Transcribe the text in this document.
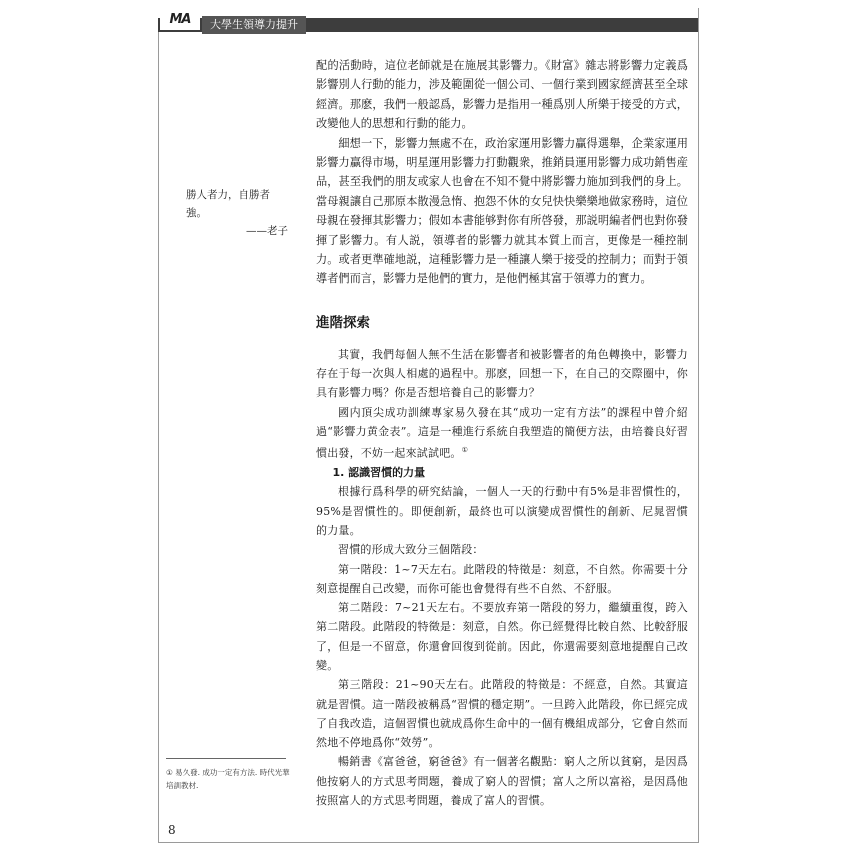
MA	大學生領導力提升
勝人者力，自勝者強。
——老子
① 易久發. 成功一定有方法. 時代光華培訓教材.
8

配的活動時，這位老師就是在施展其影響力。《財富》雜志將影響力定義爲影響別人行動的能力，涉及範圍從一個公司、一個行業到國家經濟甚至全球經濟。那麽，我們一般認爲，影響力是指用一種爲別人所樂于接受的方式，改變他人的思想和行動的能力。

細想一下，影響力無處不在，政治家運用影響力贏得選舉，企業家運用影響力贏得市場，明星運用影響力打動觀衆，推銷員運用影響力成功銷售産品，甚至我們的朋友或家人也會在不知不覺中將影響力施加到我們的身上。當母親讓自己那原本散漫急惰、抱怨不休的女兒快快樂樂地做家務時，這位母親在發揮其影響力；假如本書能够對你有所啓發，那説明編者們也對你發揮了影響力。有人説，領導者的影響力就其本質上而言，更像是一種控制力。或者更準確地説，這種影響力是一種讓人樂于接受的控制力；而對于領導者們而言，影響力是他們的實力，是他們極其富于領導力的實力。

進階探索

其實，我們每個人無不生活在影響者和被影響者的角色轉換中，影響力存在于每一次與人相處的過程中。那麽，回想一下，在自己的交際圈中，你具有影響力嗎？你是否想培養自己的影響力？

國内頂尖成功訓練專家易久發在其“成功一定有方法”的課程中曾介紹過“影響力黄金表”。這是一種進行系統自我塑造的簡便方法，由培養良好習慣出發，不妨一起來試試吧。①

1. 認識習慣的力量

根據行爲科學的研究結論，一個人一天的行動中有5%是非習慣性的，95%是習慣性的。即便創新，最終也可以演變成習慣性的創新、尼晁習慣的力量。

習慣的形成大致分三個階段：

第一階段：1~7天左右。此階段的特徵是：刻意，不自然。你需要十分刻意提醒自己改變，而你可能也會覺得有些不自然、不舒服。

第二階段：7~21天左右。不要放弃第一階段的努力，繼續重復，跨入第二階段。此階段的特徵是：刻意，自然。你已經覺得比較自然、比較舒服了，但是一不留意，你還會回復到從前。因此，你還需要刻意地提醒自己改變。

第三階段：21~90天左右。此階段的特徵是：不經意，自然。其實這就是習慣。這一階段被稱爲“習慣的穩定期”。一旦跨入此階段，你已經完成了自我改造，這個習慣也就成爲你生命中的一個有機組成部分，它會自然而然地不停地爲你“效勞”。

暢銷書《富爸爸，窮爸爸》有一個著名觀點：窮人之所以貧窮，是因爲他按窮人的方式思考問題，養成了窮人的習慣；富人之所以富裕，是因爲他按照富人的方式思考問題，養成了富人的習慣。
